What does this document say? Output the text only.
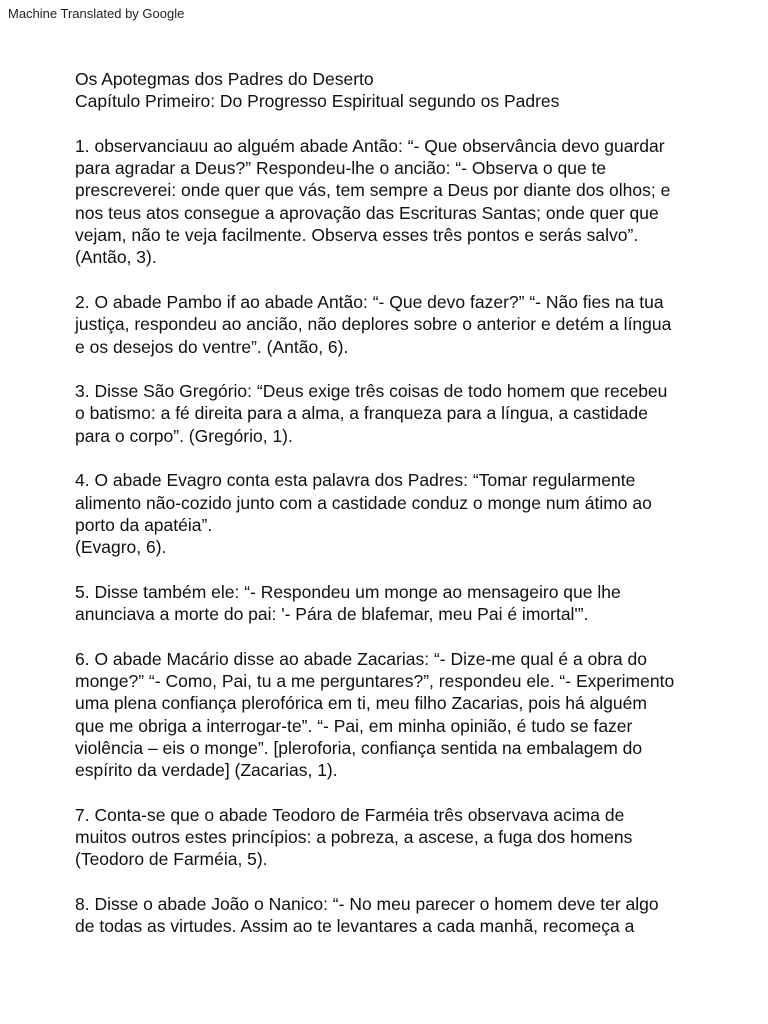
Machine Translated by Google
Os Apotegmas dos Padres do Deserto
Capítulo Primeiro: Do Progresso Espiritual segundo os Padres

1. observanciauu ao alguém abade Antão: “- Que observância devo guardar
para agradar a Deus?” Respondeu-lhe o ancião: “- Observa o que te
prescreverei: onde quer que vás, tem sempre a Deus por diante dos olhos; e
nos teus atos consegue a aprovação das Escrituras Santas; onde quer que
vejam, não te veja facilmente. Observa esses três pontos e serás salvo”.
(Antão, 3).

2. O abade Pambo if ao abade Antão: “- Que devo fazer?” “- Não fies na tua
justiça, respondeu ao ancião, não deplores sobre o anterior e detém a língua
e os desejos do ventre”. (Antão, 6).

3. Disse São Gregório: “Deus exige três coisas de todo homem que recebeu
o batismo: a fé direita para a alma, a franqueza para a língua, a castidade
para o corpo”. (Gregório, 1).

4. O abade Evagro conta esta palavra dos Padres: “Tomar regularmente
alimento não-cozido junto com a castidade conduz o monge num átimo ao
porto da apatéia”.
(Evagro, 6).

5. Disse também ele: “- Respondeu um monge ao mensageiro que lhe
anunciava a morte do pai: '- Pára de blafemar, meu Pai é imortal'”.

6. O abade Macário disse ao abade Zacarias: “- Dize-me qual é a obra do
monge?” “- Como, Pai, tu a me perguntares?”, respondeu ele. “- Experimento
uma plena confiança plerofórica em ti, meu filho Zacarias, pois há alguém
que me obriga a interrogar-te”. “- Pai, em minha opinião, é tudo se fazer
violência – eis o monge”. [pleroforia, confiança sentida na embalagem do
espírito da verdade] (Zacarias, 1).

7. Conta-se que o abade Teodoro de Farméia três observava acima de
muitos outros estes princípios: a pobreza, a ascese, a fuga dos homens
(Teodoro de Farméia, 5).

8. Disse o abade João o Nanico: “- No meu parecer o homem deve ter algo
de todas as virtudes. Assim ao te levantares a cada manhã, recomeça a
